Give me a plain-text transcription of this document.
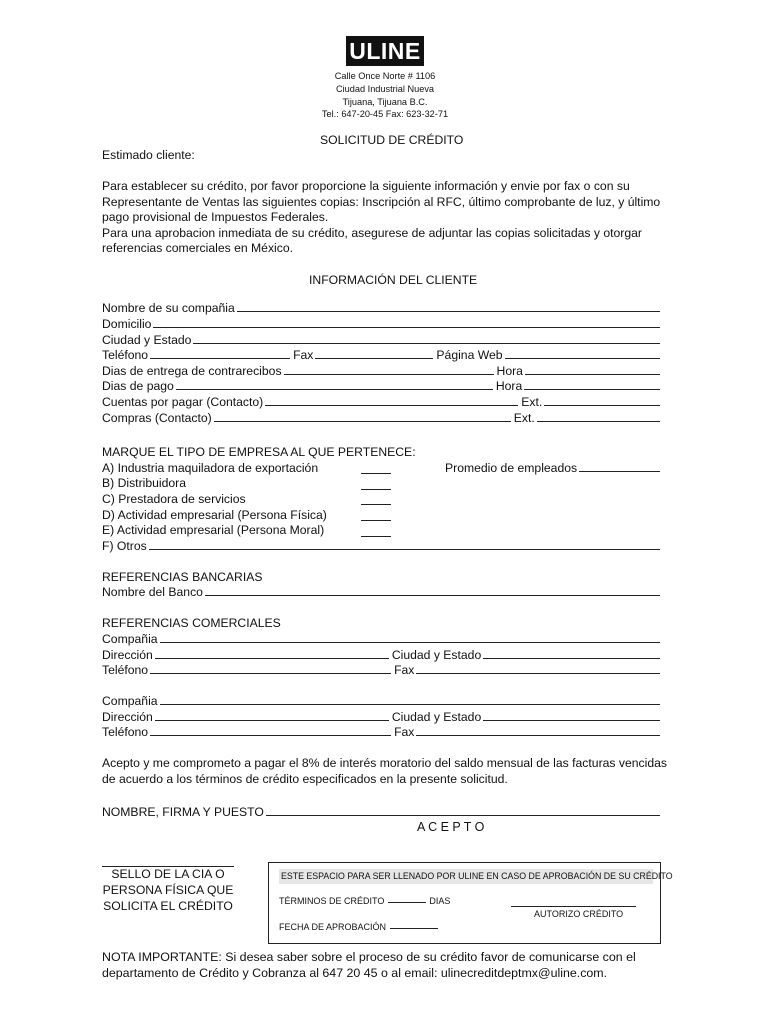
ULINE
Calle Once Norte # 1106
Ciudad Industrial Nueva
Tijuana, Tijuana B.C.
Tel.: 647-20-45 Fax: 623-32-71
SOLICITUD DE CRÉDITO
Estimado cliente:
Para establecer su crédito, por favor proporcione la siguiente información y envie por fax o con su Representante de Ventas las siguientes copias: Inscripción al RFC, último comprobante de luz, y último pago provisional de Impuestos Federales.
Para una aprobacion inmediata de su crédito, asegurese de adjuntar las copias solicitadas y otorgar referencias comerciales en México.
INFORMACIÓN DEL CLIENTE
Nombre de su compañia
Domicilio
Ciudad y Estado
Teléfono	Fax	Página Web
Dias de entrega de contrarecibos	Hora
Dias de pago	Hora
Cuentas por pagar (Contacto)	Ext.
Compras (Contacto)	Ext.
MARQUE EL TIPO DE EMPRESA AL QUE PERTENECE:
A) Industria maquiladora de exportación
B) Distribuidora
C) Prestadora de servicios
D) Actividad empresarial (Persona Física)
E) Actividad empresarial (Persona Moral)
Promedio de empleados
F) Otros
REFERENCIAS BANCARIAS
Nombre del Banco
REFERENCIAS COMERCIALES
Compañia
Dirección	Ciudad y Estado
Teléfono	Fax
Compañia
Dirección	Ciudad y Estado
Teléfono	Fax
Acepto y me comprometo a pagar el 8% de interés moratorio del saldo mensual de las facturas vencidas de acuerdo a los términos de crédito especificados en la presente solicitud.
NOMBRE, FIRMA Y PUESTO
A C E P T O
SELLO DE LA CIA O
PERSONA FÍSICA QUE
SOLICITA EL CRÉDITO
ESTE ESPACIO PARA SER LLENADO POR ULINE EN CASO DE APROBACIÓN DE SU CRÉDITO
TÉRMINOS DE CRÉDITO	DIAS
AUTORIZO CRÉDITO
FECHA DE APROBACIÓN
NOTA IMPORTANTE: Si desea saber sobre el proceso de su crédito favor de comunicarse con el departamento de Crédito y Cobranza al 647 20 45 o al email: ulinecreditdeptmx@uline.com.
